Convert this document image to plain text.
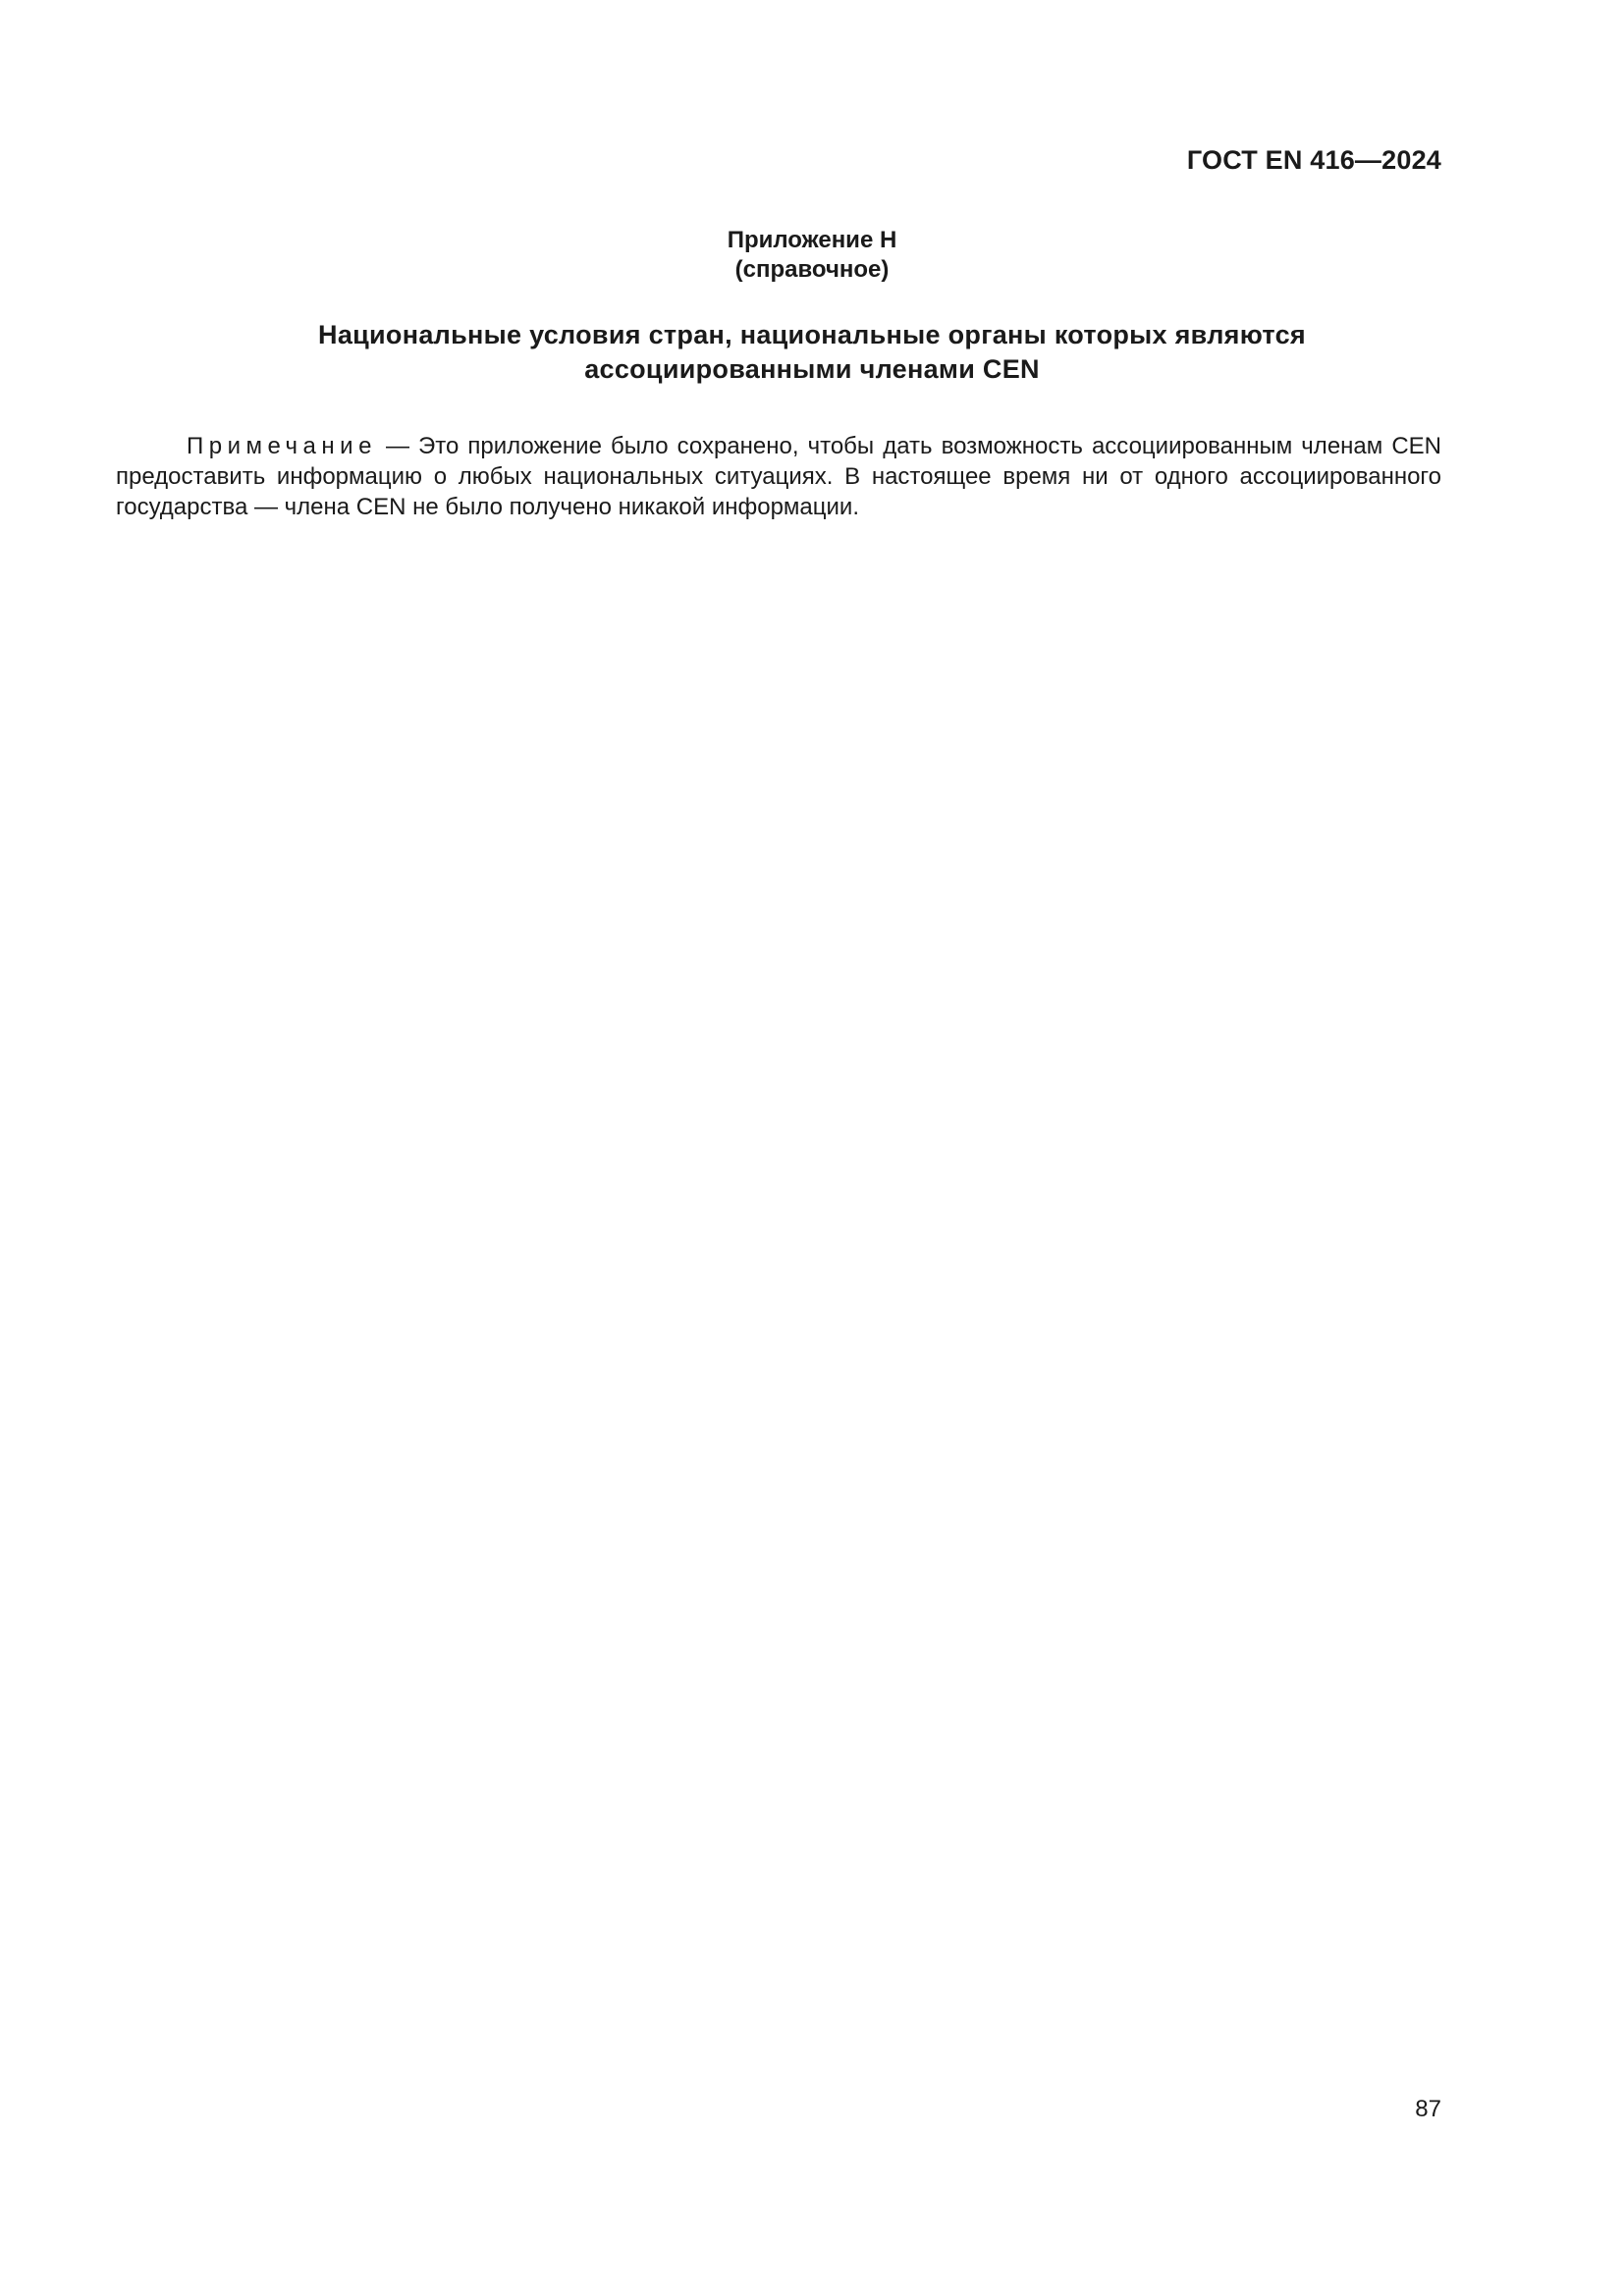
ГОСТ EN 416—2024
Приложение Н
(справочное)
Национальные условия стран, национальные органы которых являются
ассоциированными членами CEN
Примечание — Это приложение было сохранено, чтобы дать возможность ассоциированным членам CEN предоставить информацию о любых национальных ситуациях. В настоящее время ни от одного ассоциированного государства — члена CEN не было получено никакой информации.
87
